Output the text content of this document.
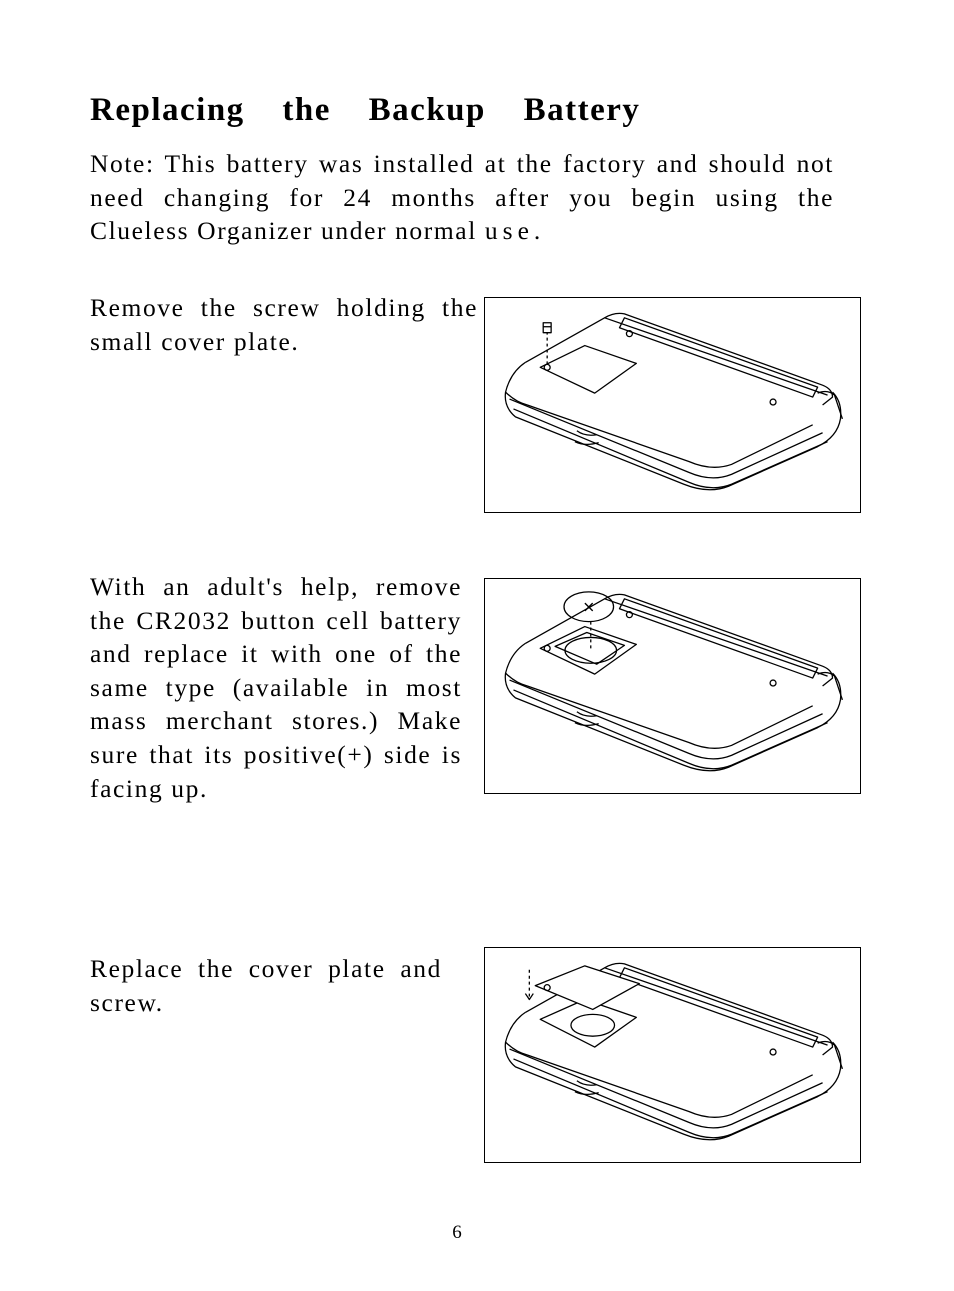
Replacing the Backup Battery
Note: This battery was installed at the factory and should not need changing for 24 months after you begin using the Clueless Organizer under normal use.
Remove the screw holding the small cover plate.
With an adult's help, remove the CR2032 button cell battery and replace it with one of the same type (available in most mass merchant stores.) Make sure that its positive(+) side is facing up.
Replace the cover plate and screw.
×
6
